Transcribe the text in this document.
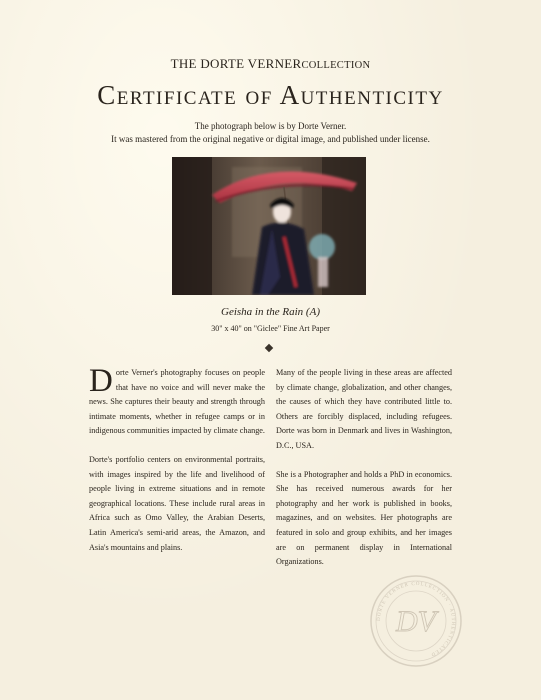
THE DORTE VERNERCOLLECTION
Certificate of Authenticity
The photograph below is by Dorte Verner.
It was mastered from the original negative or digital image, and published under license.
Geisha in the Rain (A)
30" x 40" on "Giclee" Fine Art Paper

Dorte Verner's photography focuses on people that have no voice and will never make the news. She captures their beauty and strength through intimate moments, whether in refugee camps or in indigenous communities impacted by climate change.

Dorte's portfolio centers on environmental portraits, with images inspired by the life and livelihood of people living in extreme situations and in remote geographical locations. These include rural areas in Africa such as Omo Valley, the Arabian Deserts, Latin America's semi-arid areas, the Amazon, and Asia's mountains and plains.

Many of the people living in these areas are affected by climate change, globalization, and other changes, the causes of which they have contributed little to. Others are forcibly displaced, including refugees. Dorte was born in Denmark and lives in Washington, D.C., USA.

She is a Photographer and holds a PhD in economics. She has received numerous awards for her photography and her work is published in books, magazines, and on websites. Her photographs are featured in solo and group exhibits, and her images are on permanent display in International Organizations.

DORTE VERNER COLLECTION · AUTHENTICATED
DV
